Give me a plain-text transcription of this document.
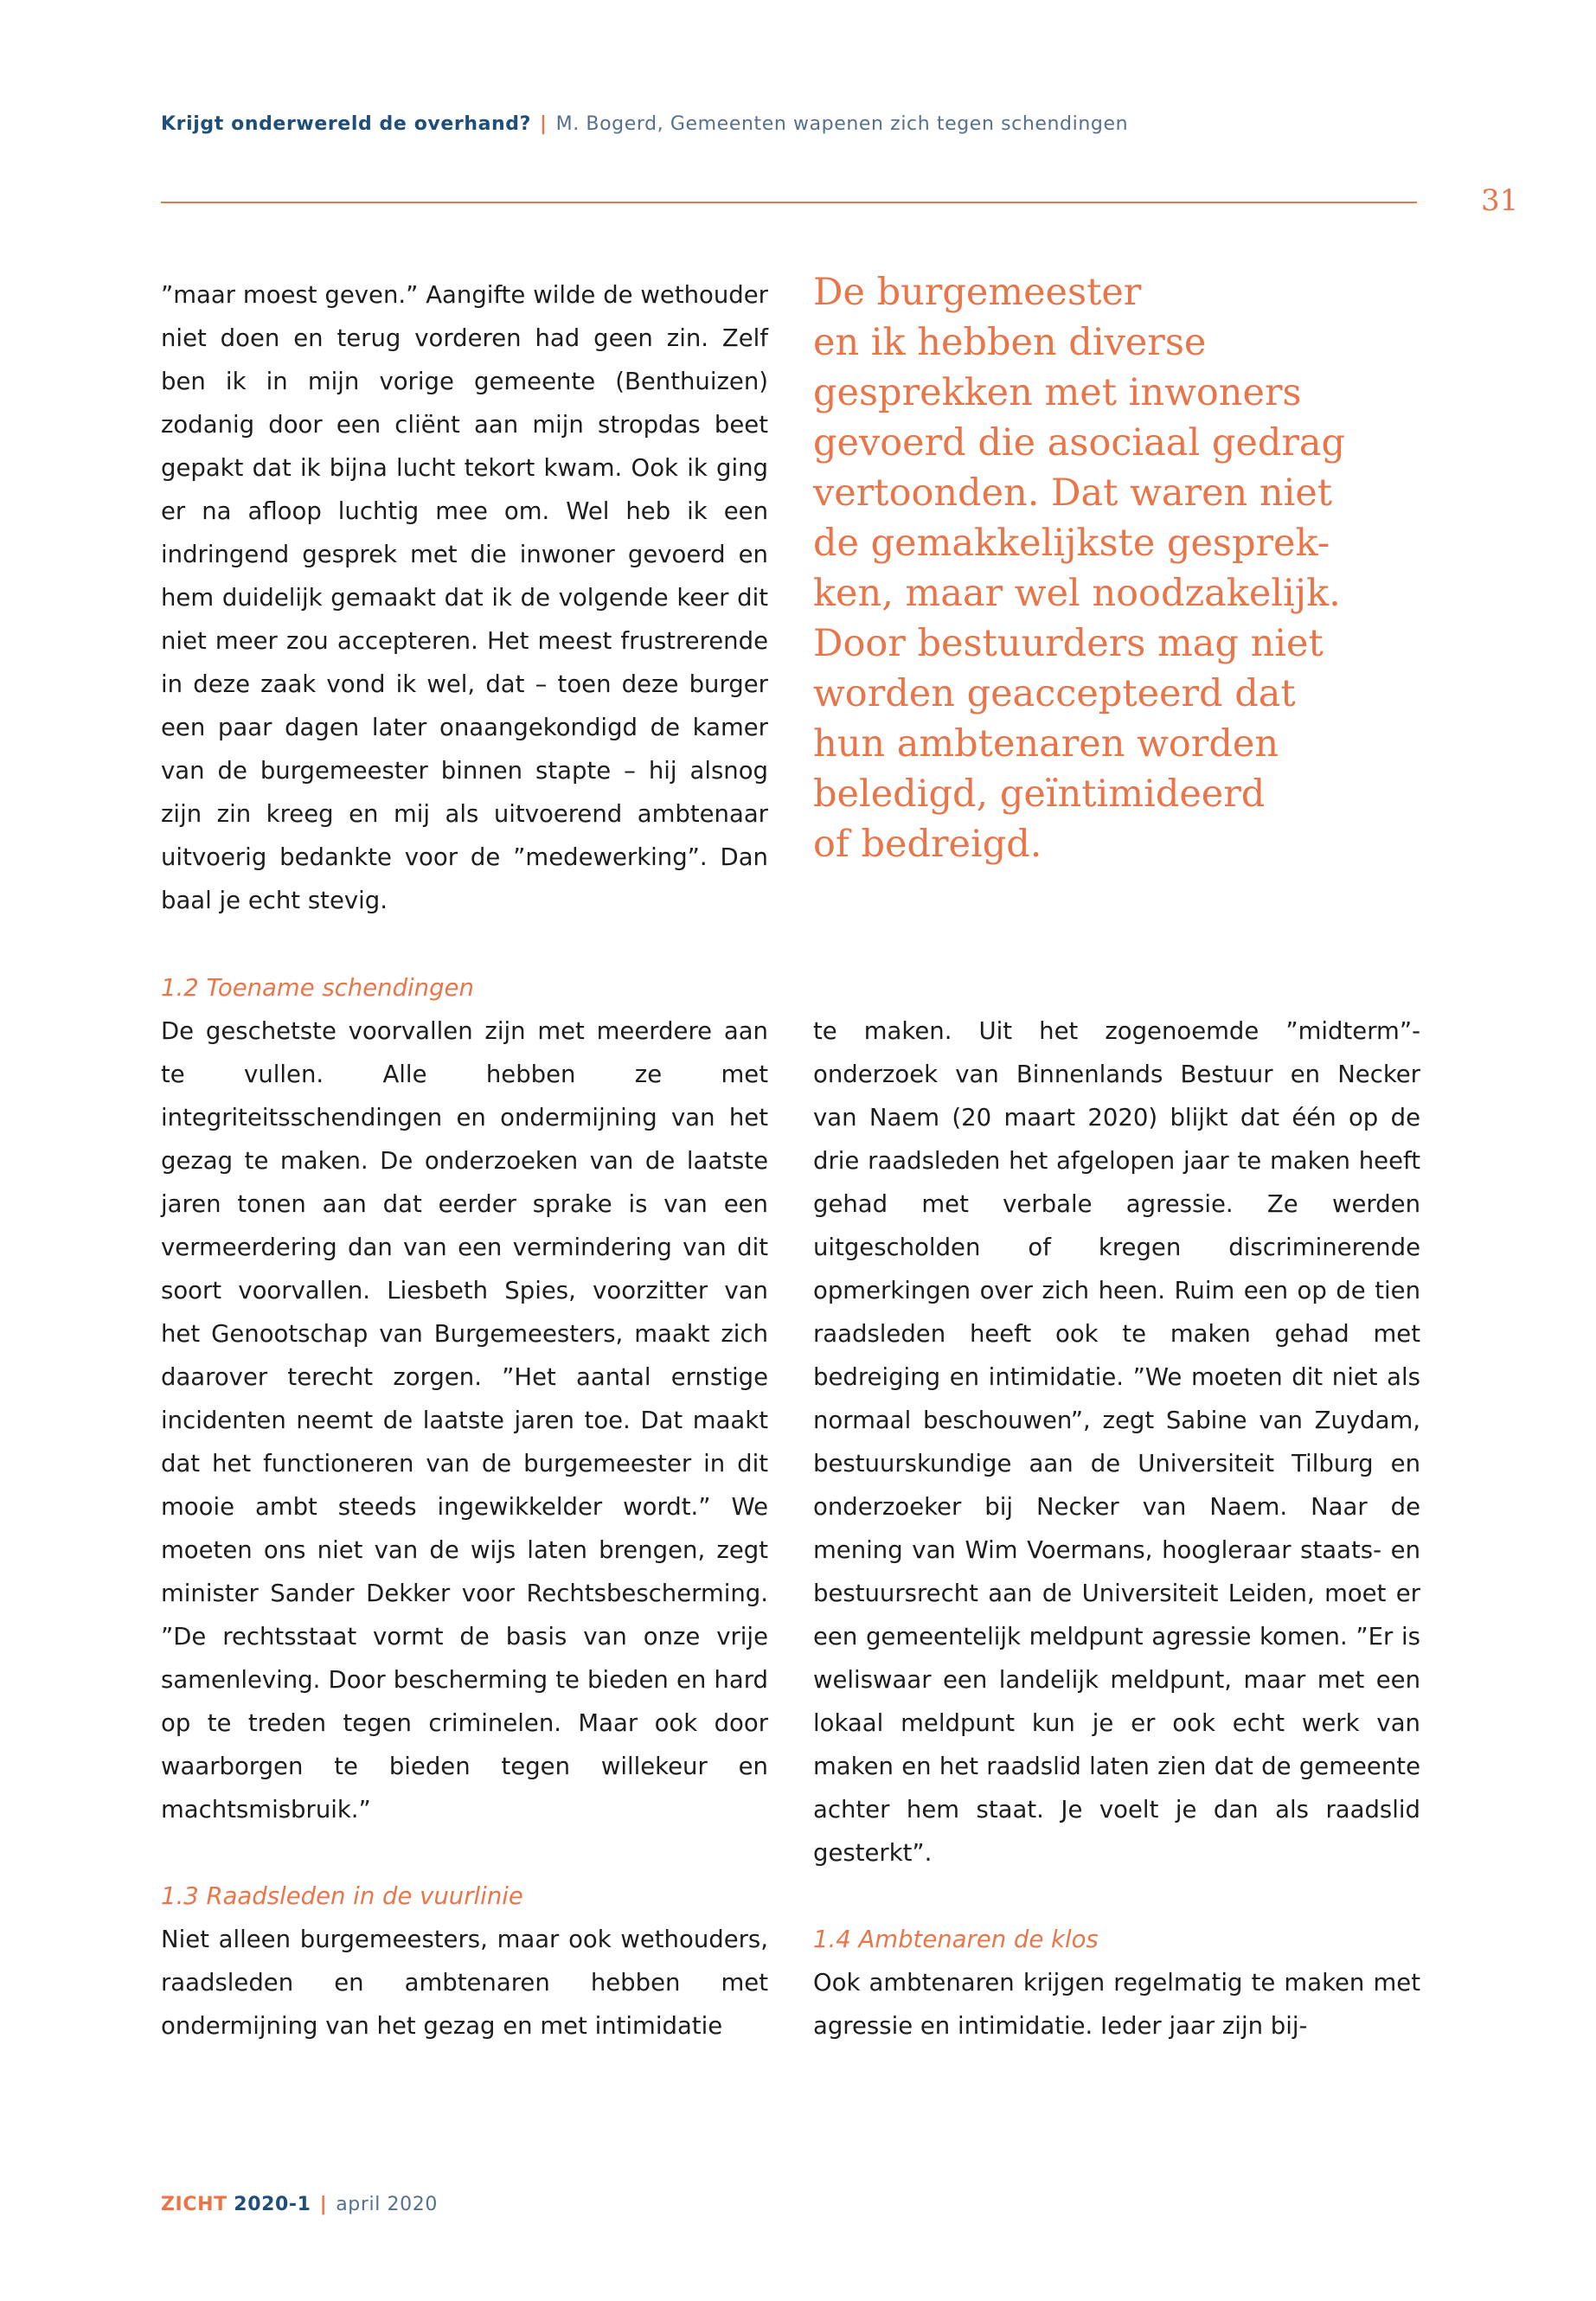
Krijgt onderwereld de overhand? | M. Bogerd, Gemeenten wapenen zich tegen schendingen
31

”maar moest geven.” Aangifte wilde de wethouder niet doen en terug vorderen had geen zin. Zelf ben ik in mijn vorige gemeente (Benthuizen) zodanig door een cliënt aan mijn stropdas beet gepakt dat ik bijna lucht tekort kwam. Ook ik ging er na afloop luchtig mee om. Wel heb ik een indringend gesprek met die inwoner gevoerd en hem duidelijk gemaakt dat ik de volgende keer dit niet meer zou accepteren. Het meest frustrerende in deze zaak vond ik wel, dat – toen deze burger een paar dagen later onaangekondigd de kamer van de burgemeester binnen stapte – hij alsnog zijn zin kreeg en mij als uitvoerend ambtenaar uitvoerig bedankte voor de ”medewerking”. Dan baal je echt stevig.

De burgemeester
en ik hebben diverse
gesprekken met inwoners
gevoerd die asociaal gedrag
vertoonden. Dat waren niet
de gemakkelijkste gesprek-
ken, maar wel noodzakelijk.
Door bestuurders mag niet
worden geaccepteerd dat
hun ambtenaren worden
beledigd, geïntimideerd
of bedreigd.

1.2 Toename schendingen

De geschetste voorvallen zijn met meerdere aan te vullen. Alle hebben ze met integriteitsschendingen en ondermijning van het gezag te maken. De onderzoeken van de laatste jaren tonen aan dat eerder sprake is van een vermeerdering dan van een vermindering van dit soort voorvallen. Liesbeth Spies, voorzitter van het Genootschap van Burgemeesters, maakt zich daarover terecht zorgen. ”Het aantal ernstige incidenten neemt de laatste jaren toe. Dat maakt dat het functioneren van de burgemeester in dit mooie ambt steeds ingewikkelder wordt.” We moeten ons niet van de wijs laten brengen, zegt minister Sander Dekker voor Rechtsbescherming. ”De rechtsstaat vormt de basis van onze vrije samenleving. Door bescherming te bieden en hard op te treden tegen criminelen. Maar ook door waarborgen te bieden tegen willekeur en machtsmisbruik.”

1.3 Raadsleden in de vuurlinie

Niet alleen burgemeesters, maar ook wethouders, raadsleden en ambtenaren hebben met ondermijning van het gezag en met intimidatie

te maken. Uit het zogenoemde ”midterm”-onderzoek van Binnenlands Bestuur en Necker van Naem (20 maart 2020) blijkt dat één op de drie raadsleden het afgelopen jaar te maken heeft gehad met verbale agressie. Ze werden uitgescholden of kregen discriminerende opmerkingen over zich heen. Ruim een op de tien raadsleden heeft ook te maken gehad met bedreiging en intimidatie. ”We moeten dit niet als normaal beschouwen”, zegt Sabine van Zuydam, bestuurskundige aan de Universiteit Tilburg en onderzoeker bij Necker van Naem. Naar de mening van Wim Voermans, hoogleraar staats- en bestuursrecht aan de Universiteit Leiden, moet er een gemeentelijk meldpunt agressie komen. ”Er is weliswaar een landelijk meldpunt, maar met een lokaal meldpunt kun je er ook echt werk van maken en het raadslid laten zien dat de gemeente achter hem staat. Je voelt je dan als raadslid gesterkt”.

1.4 Ambtenaren de klos

Ook ambtenaren krijgen regelmatig te maken met agressie en intimidatie. Ieder jaar zijn bij-

ZICHT 2020-1 | april 2020
